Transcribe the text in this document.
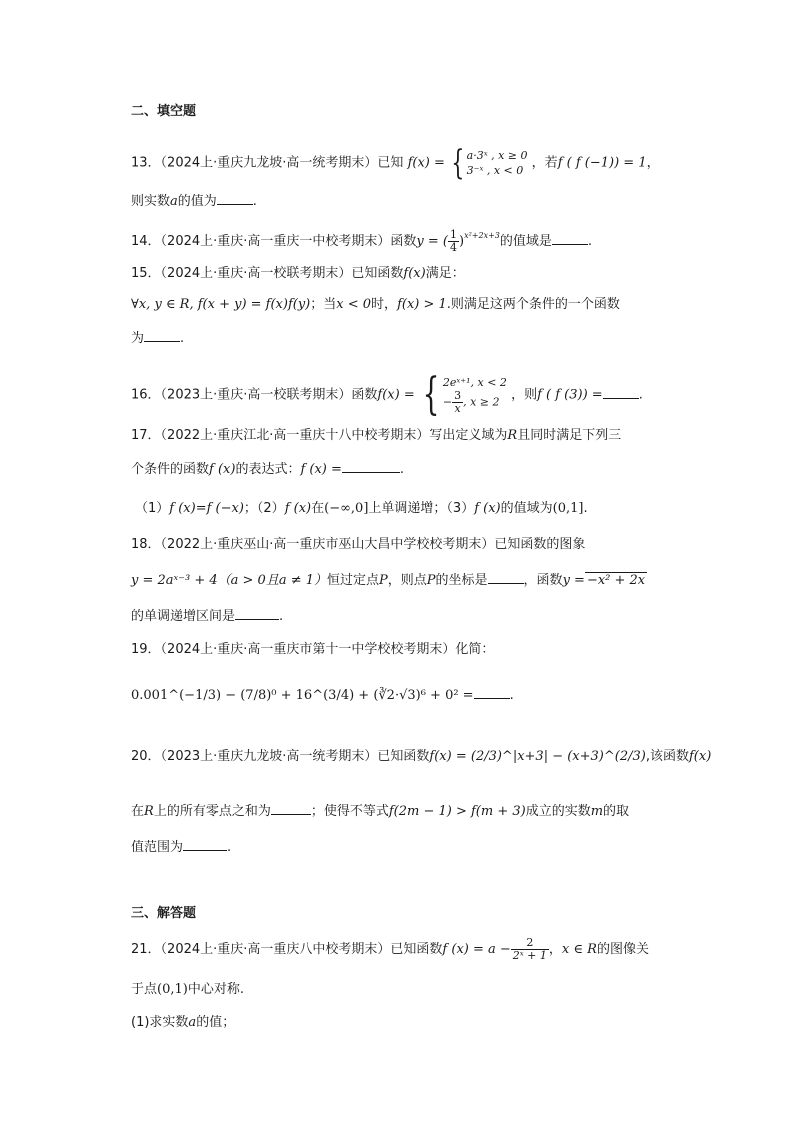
二、填空题
13．（2024上·重庆九龙坡·高一统考期末）已知 f(x) = { a·3ˣ , x ≥ 0
3⁻ˣ , x < 0 ，若f ( f (−1)) = 1，
则实数a的值为	.
14．（2024上·重庆·高一重庆一中校考期末）函数y = ( $\frac{1}{4} )^{x^2+2x+3}$的值域是	.
15．（2024上·重庆·高一校联考期末）已知函数f(x)满足：
∀x, y ∈ R, f(x + y) = f(x)f(y)；当x < 0时，f(x) > 1.则满足这两个条件的一个函数
为	.
16．（2023上·重庆·高一校联考期末）函数f(x) = { 2eˣ⁺¹, x < 2
− $\frac{3}{x}$ , x ≥ 2 ，则f ( f (3)) =	.
17．（2022上·重庆江北·高一重庆十八中校考期末）写出定义域为R且同时满足下列三
个条件的函数f (x)的表达式：f (x) =	.
（1）f (x)=f (−x)；（2）f (x)在(−∞,0]上单调递增；（3）f (x)的值域为(0,1].
18．（2022上·重庆巫山·高一重庆市巫山大昌中学校校考期末）已知函数的图象
y = 2aˣ⁻³ + 4（a > 0且a ≠ 1）恒过定点P，则点P的坐标是	，函数y = −x² + 2x
的单调递增区间是	.
19．（2024上·重庆·高一重庆市第十一中学校校考期末）化简：
0.001^(−1/3) − (7/8)⁰ + 16^(3/4) + (∛2·√3)⁶ + 0² =	.
20．（2023上·重庆九龙坡·高一统考期末）已知函数f(x) = (2/3)^|x+3| − (x+3)^(2/3),该函数f(x)
在R上的所有零点之和为	；使得不等式f(2m − 1) > f(m + 3)成立的实数m的取
值范围为	.
三、解答题
21．（2024上·重庆·高一重庆八中校考期末）已知函数f $(x) = a - \frac{2}{\text{2ˣ + 1}}$ ，x ∈ R的图像关
于点(0,1)中心对称.
(1)求实数a的值；
